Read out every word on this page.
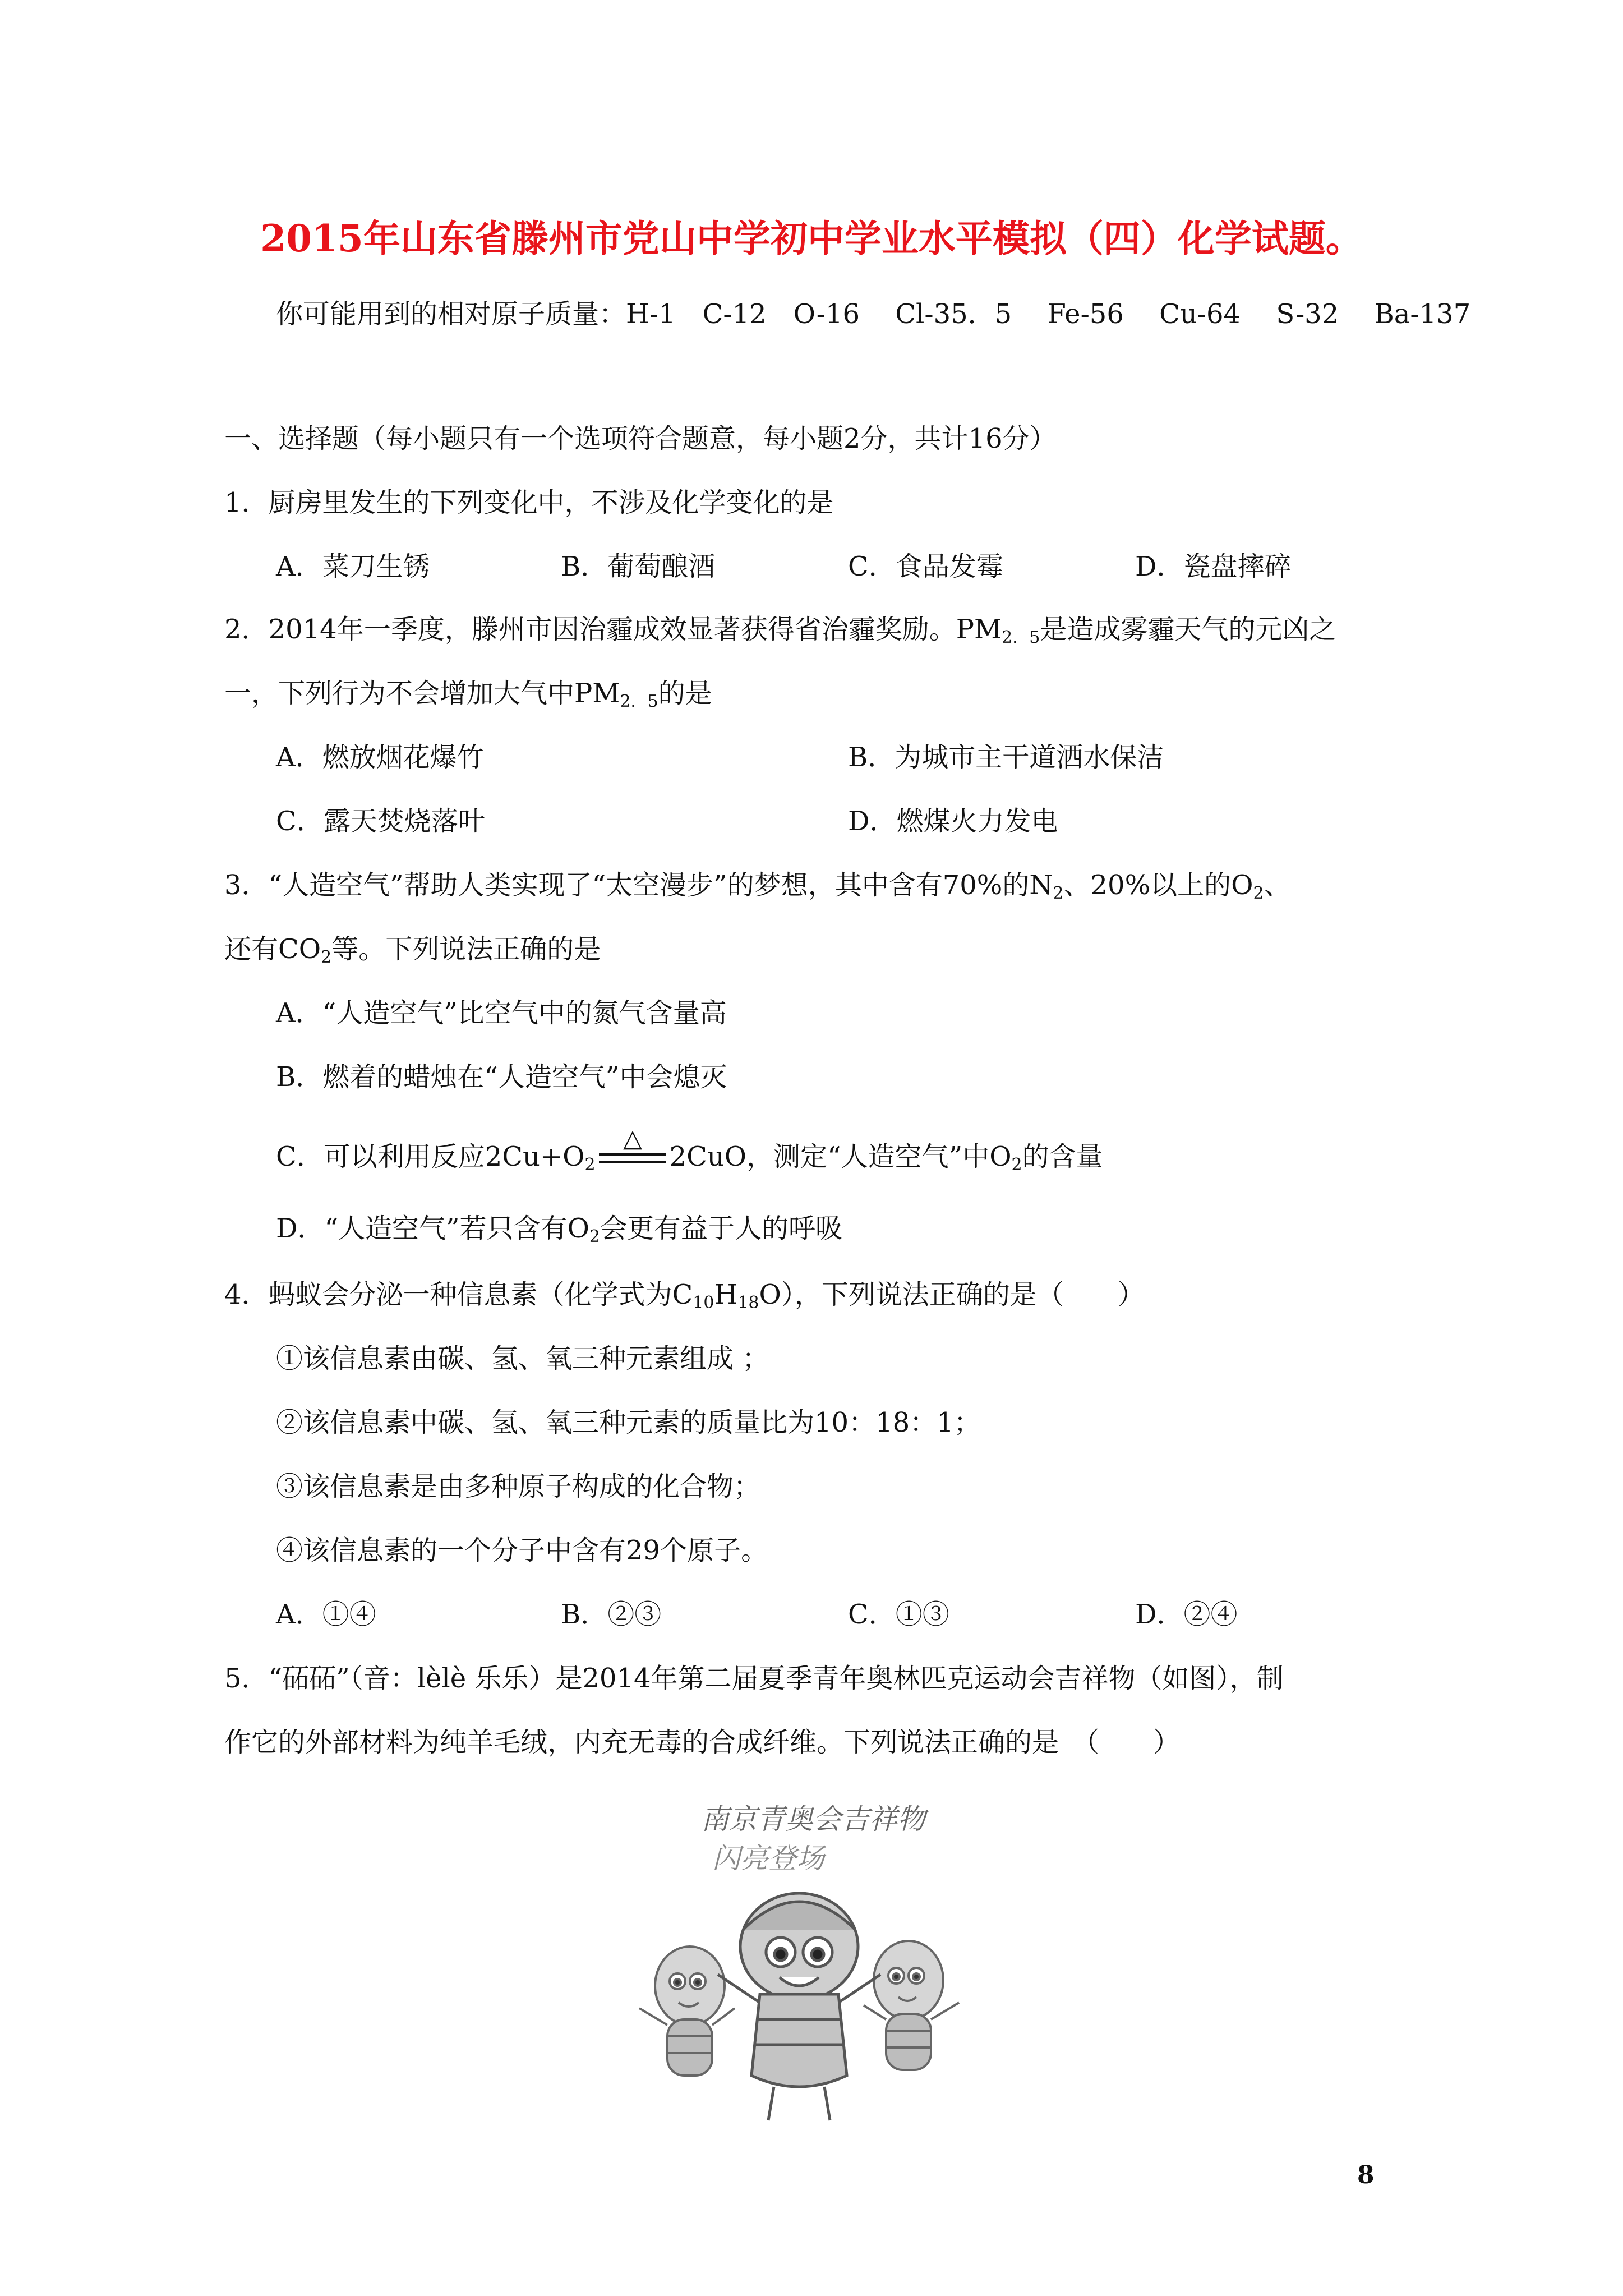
2015年山东省滕州市党山中学初中学业水平模拟（四）化学试题。
你可能用到的相对原子质量：H-1　C-12　O-16　 Cl-35．5　 Fe-56　 Cu-64　 S-32　 Ba-137
一、选择题（每小题只有一个选项符合题意，每小题2分，共计16分）
1．厨房里发生的下列变化中，不涉及化学变化的是
A．菜刀生锈	B．葡萄酿酒	C．食品发霉	D．瓷盘摔碎
2．2014年一季度，滕州市因治霾成效显著获得省治霾奖励。$PM_{2.5}$是造成雾霾天气的元凶之
一，下列行为不会增加大气中$PM_{2.5}$的是
A．燃放烟花爆竹	B．为城市主干道洒水保洁
C．露天焚烧落叶	D．燃煤火力发电
3．“人造空气”帮助人类实现了“太空漫步”的梦想，其中含有70%的$N_2$、20%以上的$O_2$、
还有$CO_2$等。下列说法正确的是
A．“人造空气”比空气中的氮气含量高
B．燃着的蜡烛在“人造空气”中会熄灭
C．可以利用反应$2Cu+O_2$
△
2CuO，测定“人造空气”中$O_2$的含量
D．“人造空气”若只含有$O_2$会更有益于人的呼吸
4．蚂蚁会分泌一种信息素（化学式为$C_{10}H_{18}O$），下列说法正确的是（　　）
①该信息素由碳、氢、氧三种元素组成 ；
②该信息素中碳、氢、氧三种元素的质量比为10：18：1；
③该信息素是由多种原子构成的化合物；
④该信息素的一个分子中含有29个原子。
A．①④	B．②③	C．①③	D．②④
5．“砳砳”（音：lèlè 乐乐）是2014年第二届夏季青年奥林匹克运动会吉祥物（如图），制
作它的外部材料为纯羊毛绒，内充无毒的合成纤维。下列说法正确的是　（　　）
南京青奥会吉祥物
闪亮登场
8
